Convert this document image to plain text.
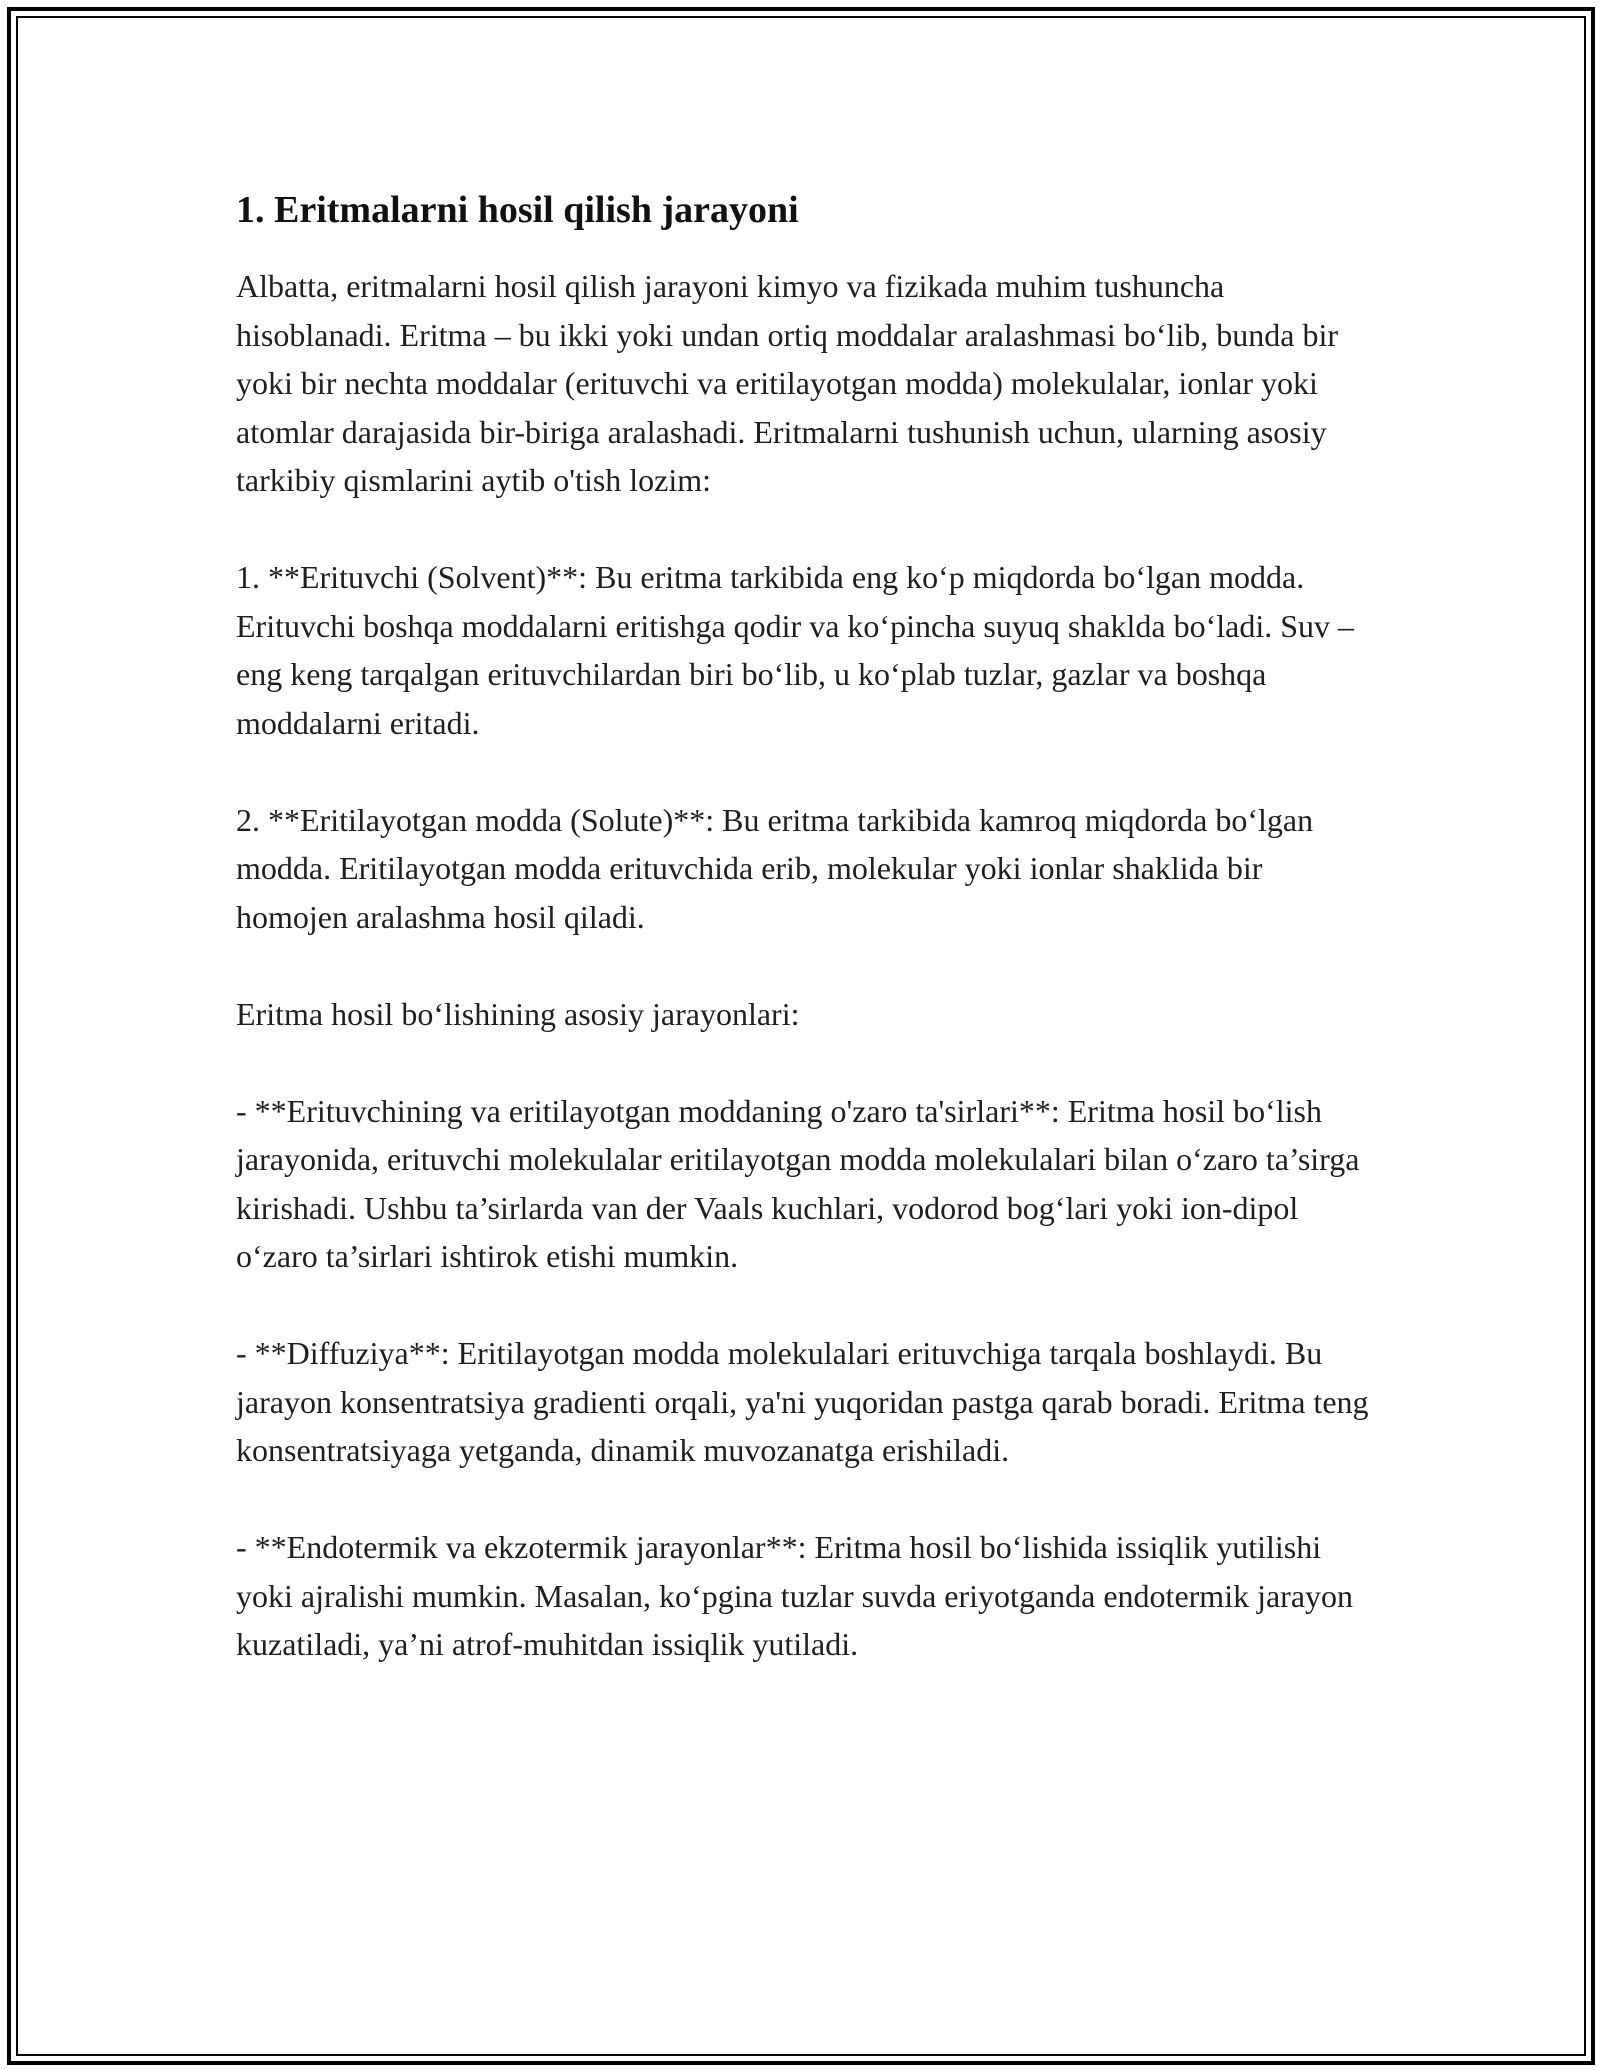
1. Eritmalarni hosil qilish jarayoni

Albatta, eritmalarni hosil qilish jarayoni kimyo va fizikada muhim tushuncha hisoblanadi. Eritma – bu ikki yoki undan ortiq moddalar aralashmasi bo‘lib, bunda bir yoki bir nechta moddalar (erituvchi va eritilayotgan modda) molekulalar, ionlar yoki atomlar darajasida bir-biriga aralashadi. Eritmalarni tushunish uchun, ularning asosiy tarkibiy qismlarini aytib o'tish lozim:

1. **Erituvchi (Solvent)**: Bu eritma tarkibida eng ko‘p miqdorda bo‘lgan modda. Erituvchi boshqa moddalarni eritishga qodir va ko‘pincha suyuq shaklda bo‘ladi. Suv – eng keng tarqalgan erituvchilardan biri bo‘lib, u ko‘plab tuzlar, gazlar va boshqa moddalarni eritadi.

2. **Eritilayotgan modda (Solute)**: Bu eritma tarkibida kamroq miqdorda bo‘lgan modda. Eritilayotgan modda erituvchida erib, molekular yoki ionlar shaklida bir homojen aralashma hosil qiladi.

Eritma hosil bo‘lishining asosiy jarayonlari:

- **Erituvchining va eritilayotgan moddaning o'zaro ta'sirlari**: Eritma hosil bo‘lish jarayonida, erituvchi molekulalar eritilayotgan modda molekulalari bilan o‘zaro ta’sirga kirishadi. Ushbu ta’sirlarda van der Vaals kuchlari, vodorod bog‘lari yoki ion-dipol o‘zaro ta’sirlari ishtirok etishi mumkin.

- **Diffuziya**: Eritilayotgan modda molekulalari erituvchiga tarqala boshlaydi. Bu jarayon konsentratsiya gradienti orqali, ya'ni yuqoridan pastga qarab boradi. Eritma teng konsentratsiyaga yetganda, dinamik muvozanatga erishiladi.

- **Endotermik va ekzotermik jarayonlar**: Eritma hosil bo‘lishida issiqlik yutilishi yoki ajralishi mumkin. Masalan, ko‘pgina tuzlar suvda eriyotganda endotermik jarayon kuzatiladi, ya’ni atrof-muhitdan issiqlik yutiladi.
